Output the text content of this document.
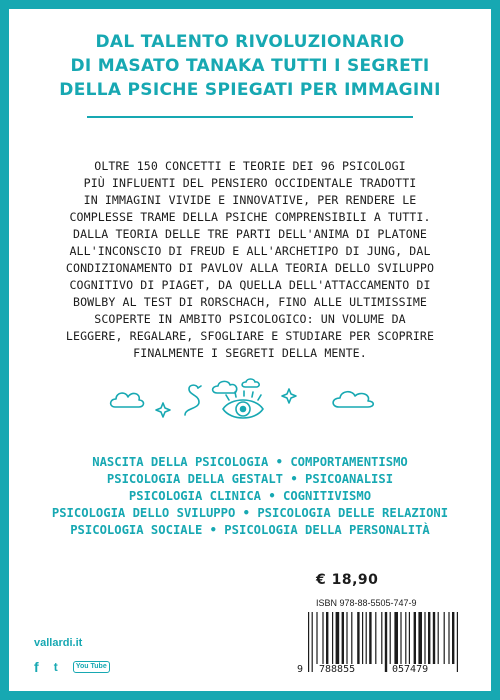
DAL TALENTO RIVOLUZIONARIO
DI MASATO TANAKA TUTTI I SEGRETI
DELLA PSICHE SPIEGATI PER IMMAGINI
OLTRE 150 CONCETTI E TEORIE DEI 96 PSICOLOGI
PIÙ INFLUENTI DEL PENSIERO OCCIDENTALE TRADOTTI
IN IMMAGINI VIVIDE E INNOVATIVE, PER RENDERE LE
COMPLESSE TRAME DELLA PSICHE COMPRENSIBILI A TUTTI.
DALLA TEORIA DELLE TRE PARTI DELL'ANIMA DI PLATONE
ALL'INCONSCIO DI FREUD E ALL'ARCHETIPO DI JUNG, DAL
CONDIZIONAMENTO DI PAVLOV ALLA TEORIA DELLO SVILUPPO
COGNITIVO DI PIAGET, DA QUELLA DELL'ATTACCAMENTO DI
BOWLBY AL TEST DI RORSCHACH, FINO ALLE ULTIMISSIME
SCOPERTE IN AMBITO PSICOLOGICO: UN VOLUME DA
LEGGERE, REGALARE, SFOGLIARE E STUDIARE PER SCOPRIRE
FINALMENTE I SEGRETI DELLA MENTE.
NASCITA DELLA PSICOLOGIA • COMPORTAMENTISMO
PSICOLOGIA DELLA GESTALT • PSICOANALISI
PSICOLOGIA CLINICA • COGNITIVISMO
PSICOLOGIA DELLO SVILUPPO • PSICOLOGIA DELLE RELAZIONI
PSICOLOGIA SOCIALE • PSICOLOGIA DELLA PERSONALITÀ
€ 18,90
ISBN 978-88-5505-747-9
9 788855	057479
vallardi.it
f t	You Tube
